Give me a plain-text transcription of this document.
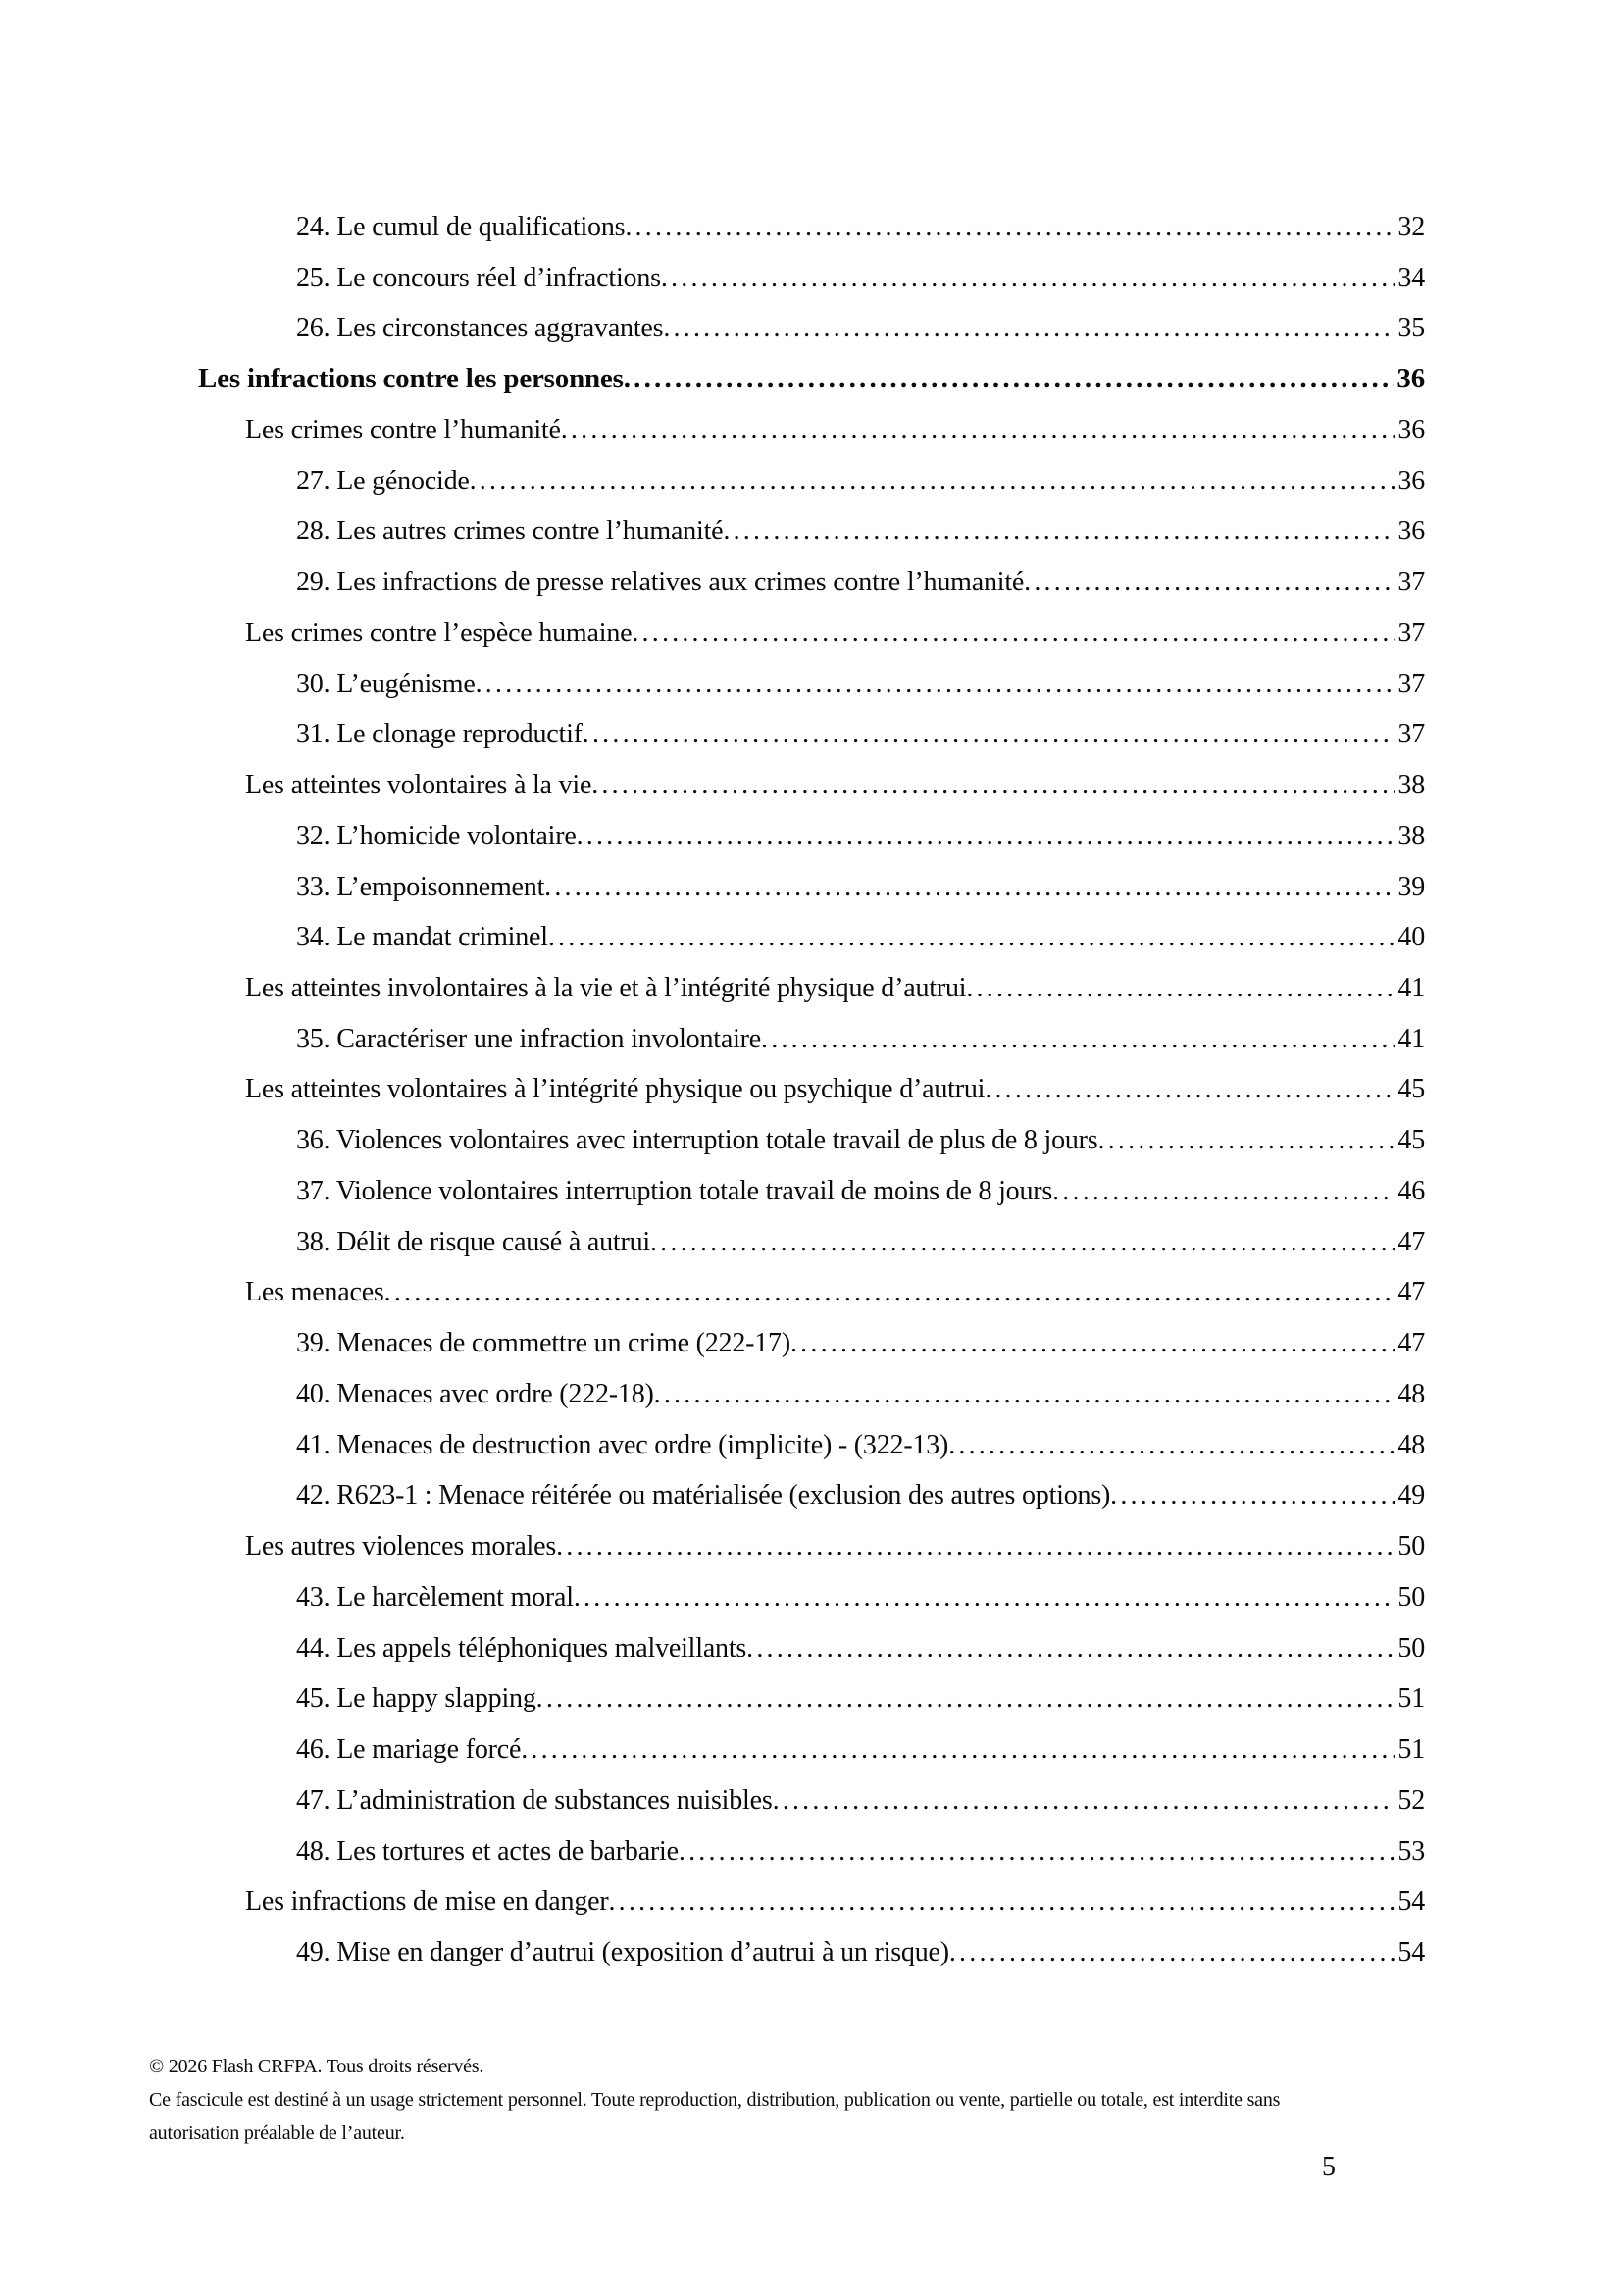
24. Le cumul de qualifications .....	32
25. Le concours réel d’infractions .....	34
26. Les circonstances aggravantes .....	35
Les infractions contre les personnes .....	36
Les crimes contre l’humanité .....	36
27. Le génocide .....	36
28. Les autres crimes contre l’humanité .....	36
29. Les infractions de presse relatives aux crimes contre l’humanité .....	37
Les crimes contre l’espèce humaine .....	37
30. L’eugénisme .....	37
31. Le clonage reproductif .....	37
Les atteintes volontaires à la vie .....	38
32. L’homicide volontaire .....	38
33. L’empoisonnement .....	39
34. Le mandat criminel .....	40
Les atteintes involontaires à la vie et à l’intégrité physique d’autrui .....	41
35. Caractériser une infraction involontaire .....	41
Les atteintes volontaires à l’intégrité physique ou psychique d’autrui .....	45
36. Violences volontaires avec interruption totale travail de plus de 8 jours .....	45
37. Violence volontaires interruption totale travail de moins de 8 jours .....	46
38. Délit de risque causé à autrui .....	47
Les menaces .....	47
39. Menaces de commettre un crime (222-17) .....	47
40. Menaces avec ordre (222-18) .....	48
41. Menaces de destruction avec ordre (implicite) - (322-13) .....	48
42. R623-1 : Menace réitérée ou matérialisée (exclusion des autres options) .....	49
Les autres violences morales .....	50
43. Le harcèlement moral .....	50
44. Les appels téléphoniques malveillants .....	50
45. Le happy slapping .....	51
46. Le mariage forcé .....	51
47. L’administration de substances nuisibles .....	52
48. Les tortures et actes de barbarie .....	53
Les infractions de mise en danger .....	54
49. Mise en danger d’autrui (exposition d’autrui à un risque) .....	54
© 2026 Flash CRFPA. Tous droits réservés.
Ce fascicule est destiné à un usage strictement personnel. Toute reproduction, distribution, publication ou vente, partielle ou totale, est interdite sans
autorisation préalable de l’auteur.
5
